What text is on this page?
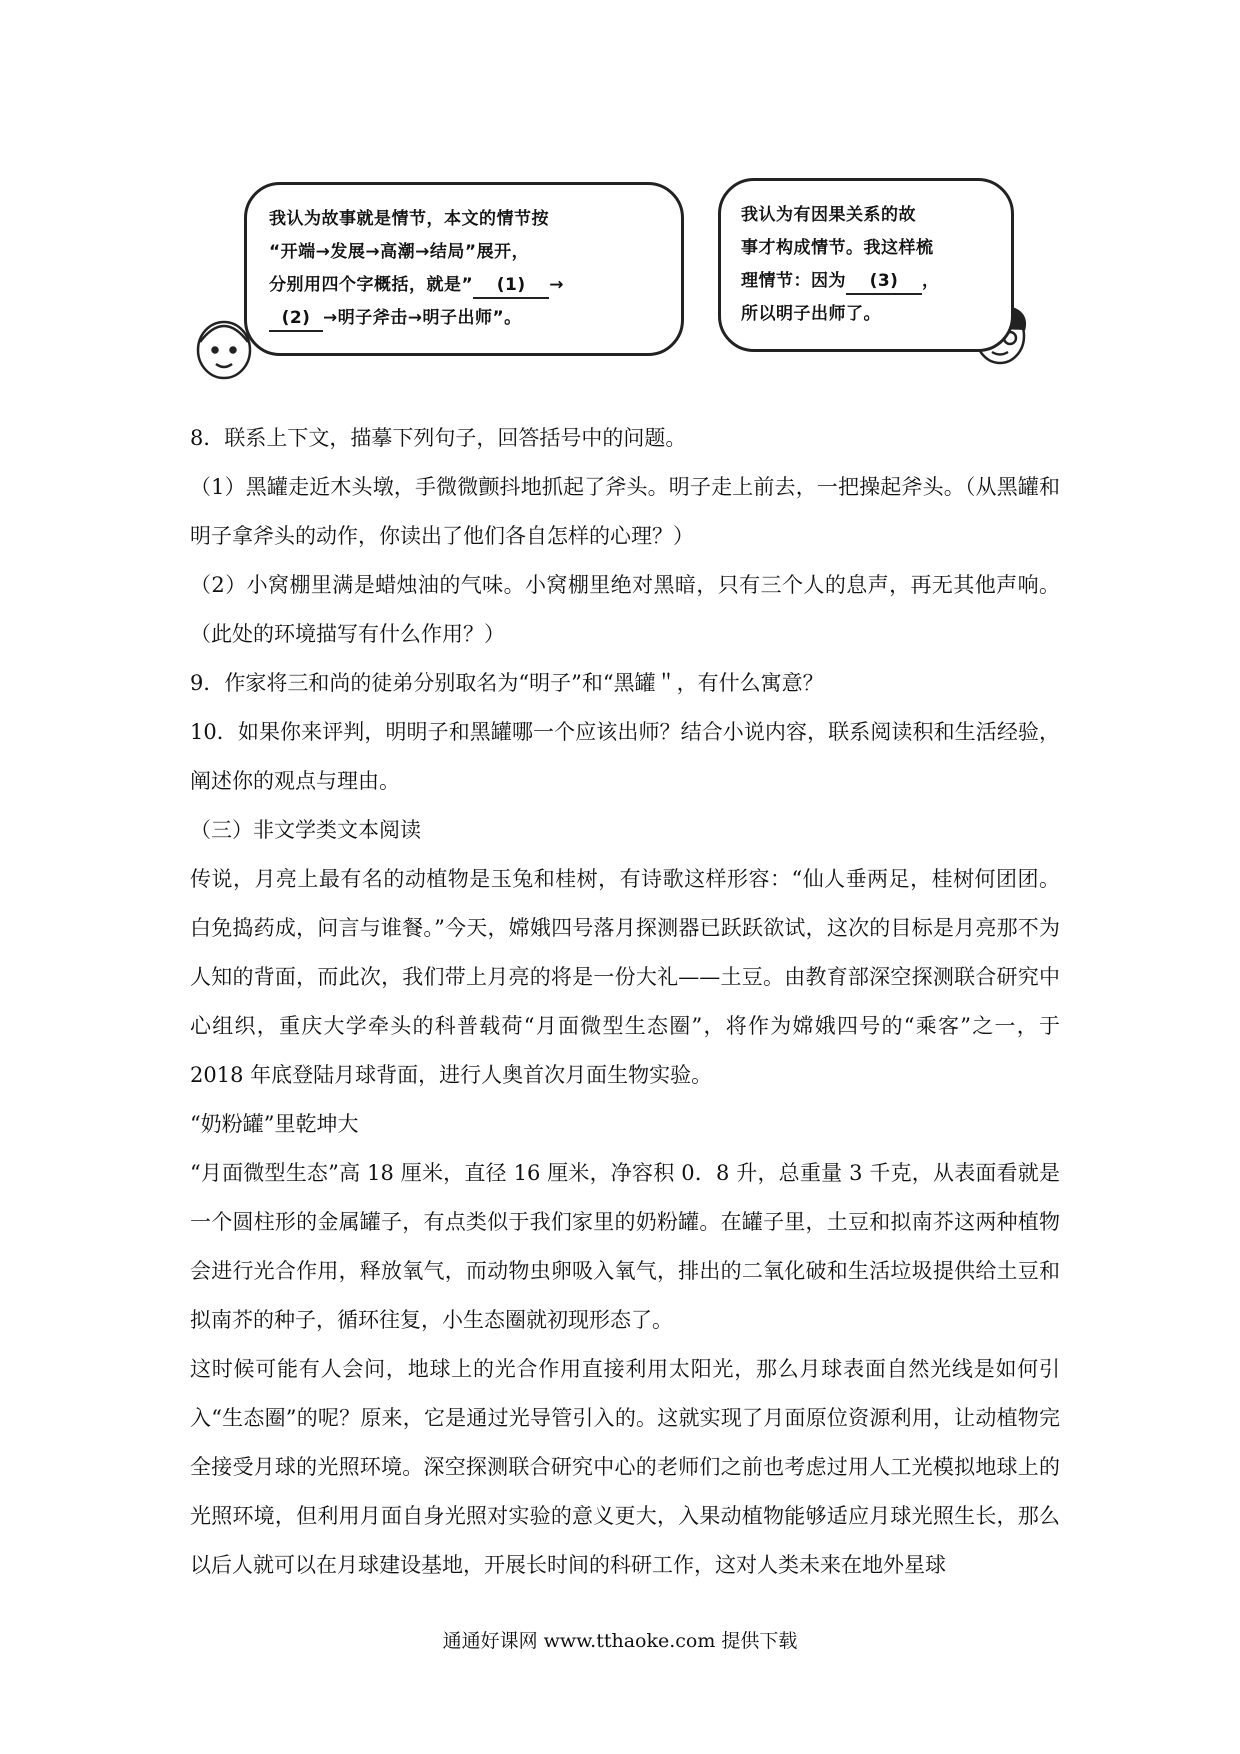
我认为故事就是情节，本文的情节按
“开端→发展→高潮→结局”展开，
分别用四个字概括，就是” (1) →
(2) →明子斧击→明子出师”。
我认为有因果关系的故
事才构成情节。我这样梳
理情节：因为 (3) ，
所以明子出师了。

8．联系上下文，描摹下列句子，回答括号中的问题。

（1）黑罐走近木头墩，手微微颤抖地抓起了斧头。明子走上前去，一把操起斧头。（从黑罐和明子拿斧头的动作，你读出了他们各自怎样的心理？）

（2）小窝棚里满是蜡烛油的气味。小窝棚里绝对黑暗，只有三个人的息声，再无其他声响。（此处的环境描写有什么作用？）

9．作家将三和尚的徒弟分别取名为“明子”和“黑罐＂，有什么寓意？

10．如果你来评判，明明子和黑罐哪一个应该出师？结合小说内容，联系阅读积和生活经验，阐述你的观点与理由。

（三）非文学类文本阅读

传说，月亮上最有名的动植物是玉兔和桂树，有诗歌这样形容：“仙人垂两足，桂树何团团。白免捣药成，问言与谁餐。”今天，嫦娥四号落月探测器已跃跃欲试，这次的目标是月亮那不为人知的背面，而此次，我们带上月亮的将是一份大礼——土豆。由教育部深空探测联合研究中心组织，重庆大学牵头的科普载荷“月面微型生态圈”，将作为嫦娥四号的“乘客”之一，于 2018 年底登陆月球背面，进行人奥首次月面生物实验。

“奶粉罐”里乾坤大

“月面微型生态”高 18 厘米，直径 16 厘米，净容积 0．8 升，总重量 3 千克，从表面看就是一个圆柱形的金属罐子，有点类似于我们家里的奶粉罐。在罐子里，土豆和拟南芥这两种植物会进行光合作用，释放氧气，而动物虫卵吸入氧气，排出的二氧化破和生活垃圾提供给土豆和拟南芥的种子，循环往复，小生态圈就初现形态了。

这时候可能有人会问，地球上的光合作用直接利用太阳光，那么月球表面自然光线是如何引入“生态圈”的呢？原来，它是通过光导管引入的。这就实现了月面原位资源利用，让动植物完全接受月球的光照环境。深空探测联合研究中心的老师们之前也考虑过用人工光模拟地球上的光照环境，但利用月面自身光照对实验的意义更大，入果动植物能够适应月球光照生长，那么以后人就可以在月球建设基地，开展长时间的科研工作，这对人类未来在地外星球

通通好课网 www.tthaoke.com 提供下载
